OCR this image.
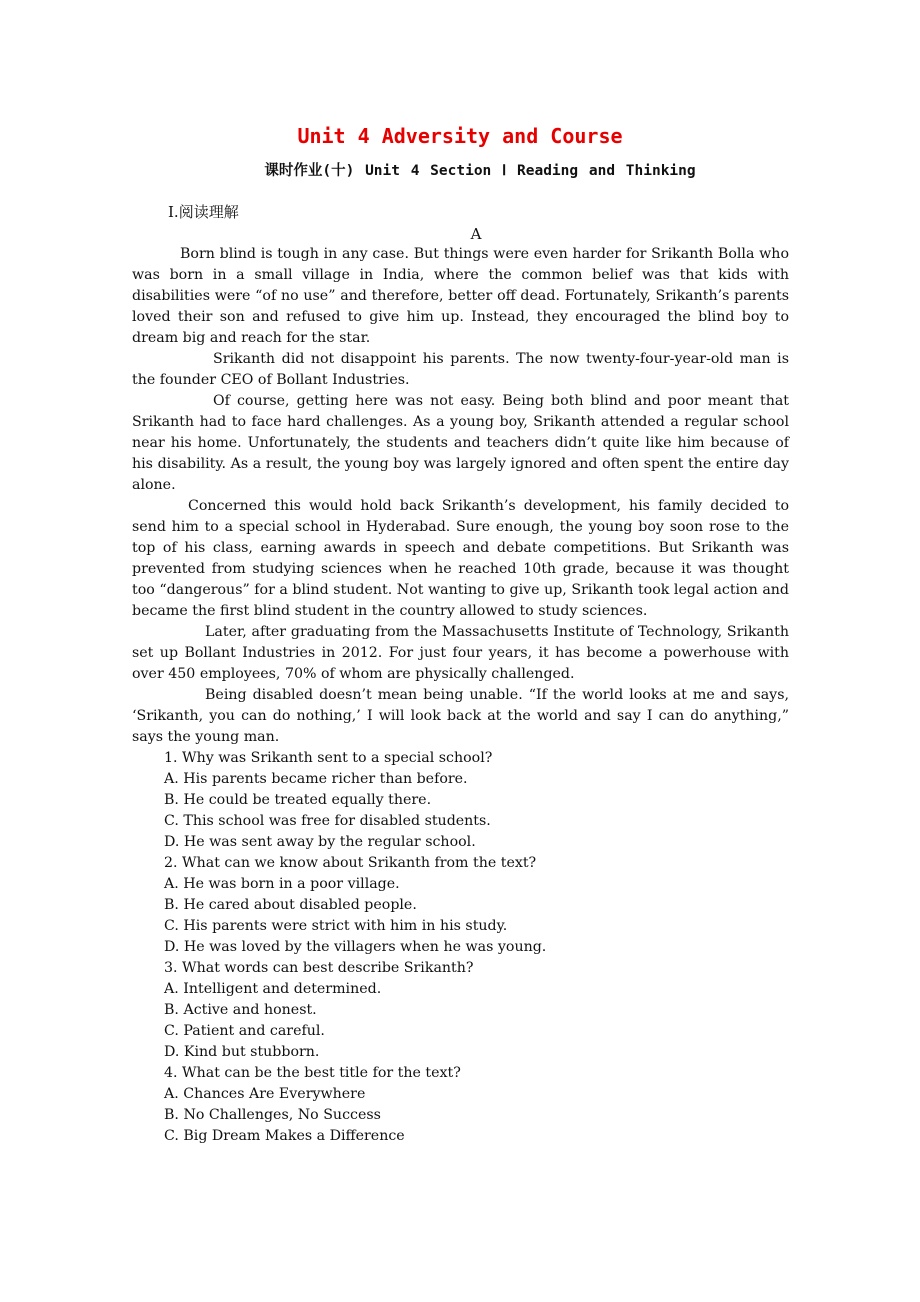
Unit 4 Adversity and Course
课时作业(十) Unit 4 Section Ⅰ Reading and Thinking
Ⅰ.阅读理解
A

Born blind is tough in any case. But things were even harder for Srikanth Bolla who was born in a small village in India, where the common belief was that kids with disabilities were “of no use” and therefore, better off dead. Fortunately, Srikanth’s parents loved their son and refused to give him up. Instead, they encouraged the blind boy to dream big and reach for the star.

Srikanth did not disappoint his parents. The now twenty-four-year-old man is the founder CEO of Bollant Industries.

Of course, getting here was not easy. Being both blind and poor meant that Srikanth had to face hard challenges. As a young boy, Srikanth attended a regular school near his home. Unfortunately, the students and teachers didn’t quite like him because of his disability. As a result, the young boy was largely ignored and often spent the entire day alone.

Concerned this would hold back Srikanth’s development, his family decided to send him to a special school in Hyderabad. Sure enough, the young boy soon rose to the top of his class, earning awards in speech and debate competitions. But Srikanth was prevented from studying sciences when he reached 10th grade, because it was thought too “dangerous” for a blind student. Not wanting to give up, Srikanth took legal action and became the first blind student in the country allowed to study sciences.

Later, after graduating from the Massachusetts Institute of Technology, Srikanth set up Bollant Industries in 2012. For just four years, it has become a powerhouse with over 450 employees, 70% of whom are physically challenged.

Being disabled doesn’t mean being unable. “If the world looks at me and says, ‘Srikanth, you can do nothing,’ I will look back at the world and say I can do anything,” says the young man.

1. Why was Srikanth sent to a special school?

A. His parents became richer than before.

B. He could be treated equally there.

C. This school was free for disabled students.

D. He was sent away by the regular school.

2. What can we know about Srikanth from the text?

A. He was born in a poor village.

B. He cared about disabled people.

C. His parents were strict with him in his study.

D. He was loved by the villagers when he was young.

3. What words can best describe Srikanth?

A. Intelligent and determined.

B. Active and honest.

C. Patient and careful.

D. Kind but stubborn.

4. What can be the best title for the text?

A. Chances Are Everywhere

B. No Challenges, No Success

C. Big Dream Makes a Difference
